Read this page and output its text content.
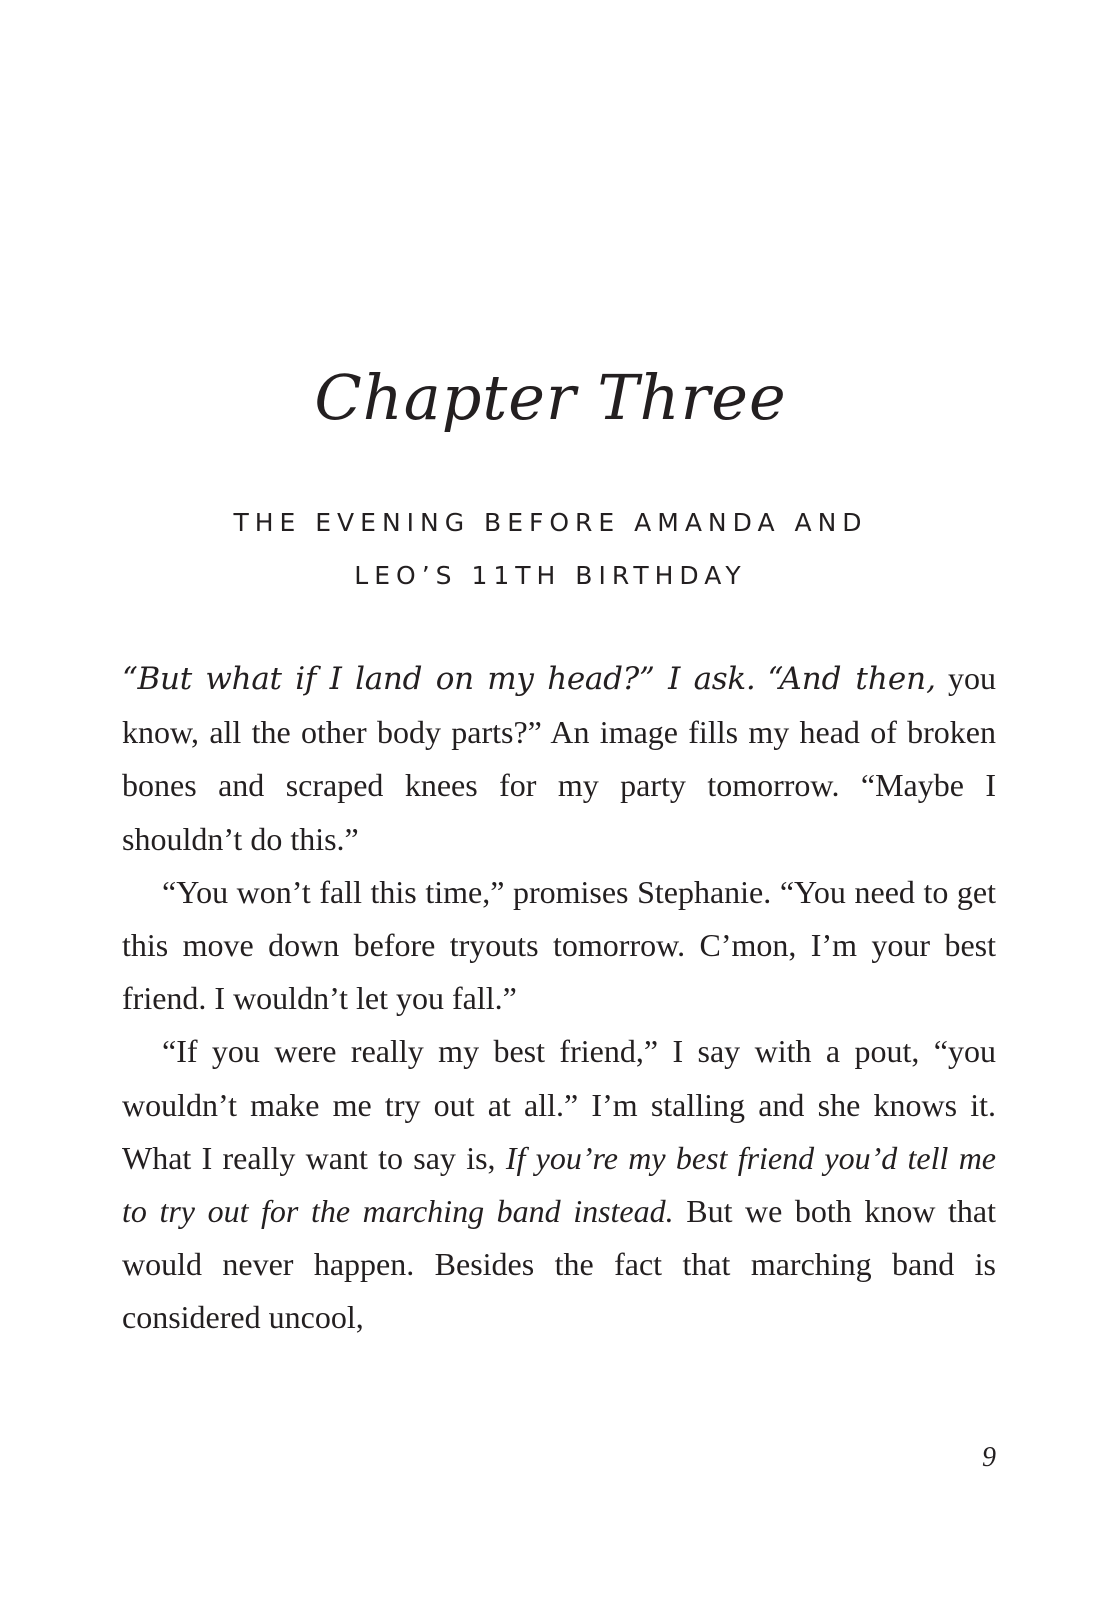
Chapter Three
THE EVENING BEFORE AMANDA AND
LEO’S 11TH BIRTHDAY

“But what if I land on my head?” I ask. “And then, you know, all the other body parts?” An image fills my head of broken bones and scraped knees for my party tomorrow. “Maybe I shouldn’t do this.”

“You won’t fall this time,” promises Stephanie. “You need to get this move down before tryouts tomorrow. C’mon, I’m your best friend. I wouldn’t let you fall.”

“If you were really my best friend,” I say with a pout, “you wouldn’t make me try out at all.” I’m stalling and she knows it. What I really want to say is, If you’re my best friend you’d tell me to try out for the marching band instead. But we both know that would never happen. Besides the fact that marching band is considered uncool,

9
